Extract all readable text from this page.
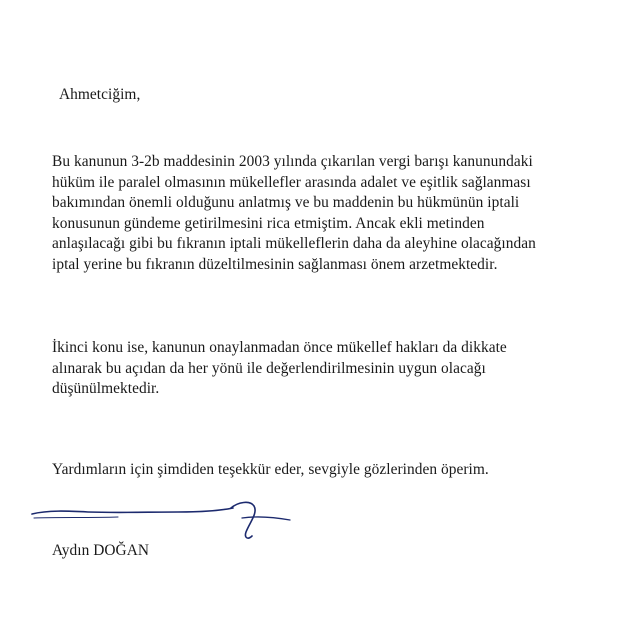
Ahmetciğim,
Bu kanunun 3-2b maddesinin 2003 yılında çıkarılan vergi barışı kanunundaki
hüküm ile paralel olmasının mükellefler arasında adalet ve eşitlik sağlanması
bakımından önemli olduğunu anlatmış ve bu maddenin bu hükmünün iptali
konusunun gündeme getirilmesini rica etmiştim. Ancak ekli metinden
anlaşılacağı gibi bu fıkranın iptali mükelleflerin daha da aleyhine olacağından
iptal yerine bu fıkranın düzeltilmesinin sağlanması önem arzetmektedir.
İkinci konu ise, kanunun onaylanmadan önce mükellef hakları da dikkate
alınarak bu açıdan da her yönü ile değerlendirilmesinin uygun olacağı
düşünülmektedir.
Yardımların için şimdiden teşekkür eder, sevgiyle gözlerinden öperim.
Aydın DOĞAN
